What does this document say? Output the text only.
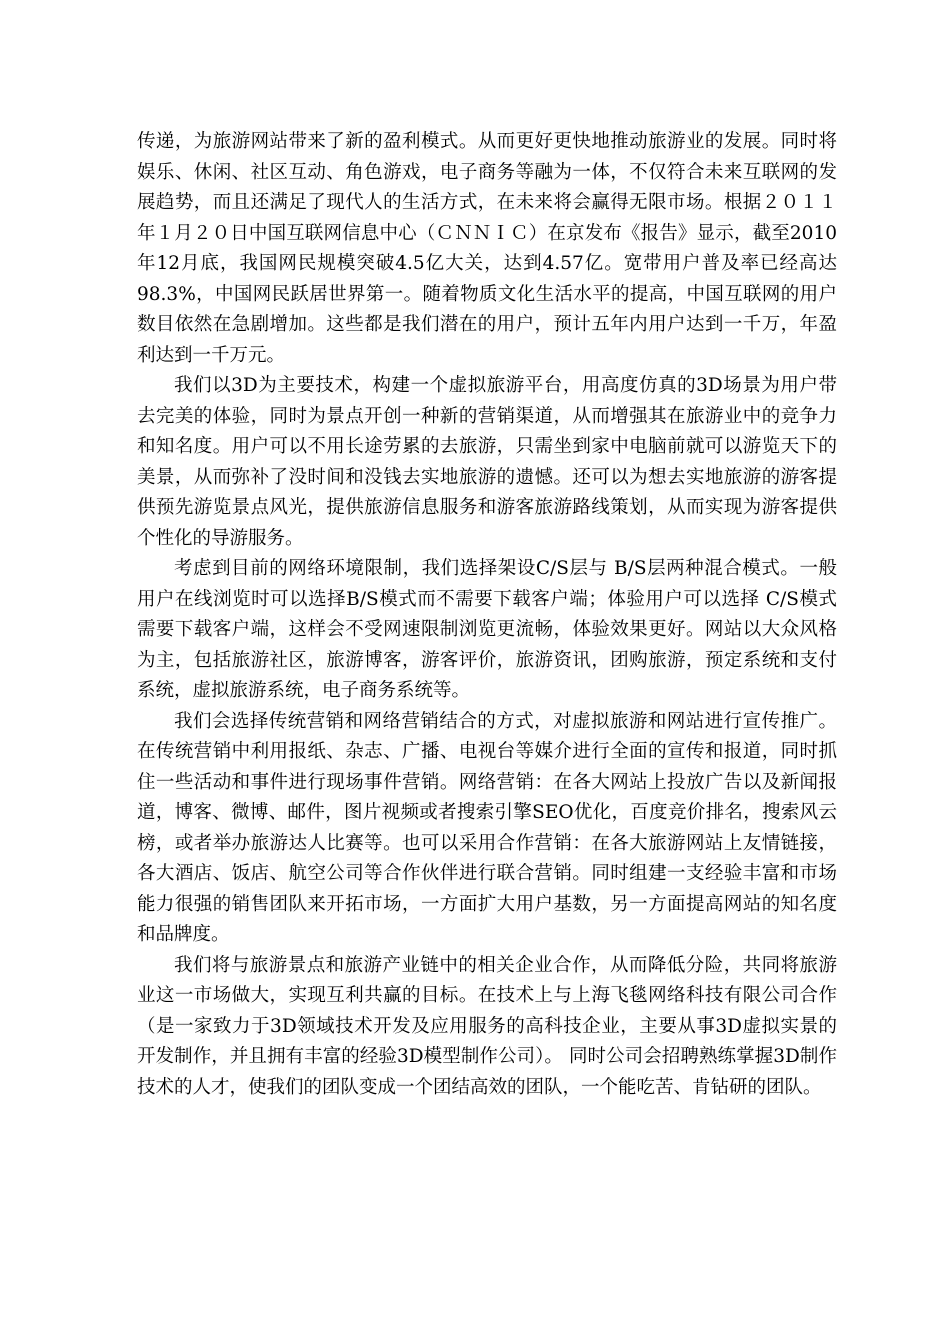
传递，为旅游网站带来了新的盈利模式。从而更好更快地推动旅游业的发展。同时将娱乐、休闲、社区互动、角色游戏，电子商务等融为一体，不仅符合未来互联网的发展趋势，而且还满足了现代人的生活方式，在未来将会赢得无限市场。根据２０１１年１月２０日中国互联网信息中心（ＣＮＮＩＣ）在京发布《报告》显示，截至2010年12月底，我国网民规模突破4.5亿大关，达到4.57亿。宽带用户普及率已经高达98.3%，中国网民跃居世界第一。随着物质文化生活水平的提高，中国互联网的用户数目依然在急剧增加。这些都是我们潜在的用户，预计五年内用户达到一千万，年盈利达到一千万元。

我们以3D为主要技术，构建一个虚拟旅游平台，用高度仿真的3D场景为用户带去完美的体验，同时为景点开创一种新的营销渠道，从而增强其在旅游业中的竞争力和知名度。用户可以不用长途劳累的去旅游，只需坐到家中电脑前就可以游览天下的美景，从而弥补了没时间和没钱去实地旅游的遗憾。还可以为想去实地旅游的游客提供预先游览景点风光，提供旅游信息服务和游客旅游路线策划，从而实现为游客提供个性化的导游服务。

考虑到目前的网络环境限制，我们选择架设C/S层与 B/S层两种混合模式。一般用户在线浏览时可以选择B/S模式而不需要下载客户端；体验用户可以选择 C/S模式需要下载客户端，这样会不受网速限制浏览更流畅，体验效果更好。网站以大众风格为主，包括旅游社区，旅游博客，游客评价，旅游资讯，团购旅游，预定系统和支付系统，虚拟旅游系统，电子商务系统等。

我们会选择传统营销和网络营销结合的方式，对虚拟旅游和网站进行宣传推广。在传统营销中利用报纸、杂志、广播、电视台等媒介进行全面的宣传和报道，同时抓住一些活动和事件进行现场事件营销。网络营销：在各大网站上投放广告以及新闻报道，博客、微博、邮件，图片视频或者搜索引擎SEO优化，百度竞价排名，搜索风云榜，或者举办旅游达人比赛等。也可以采用合作营销：在各大旅游网站上友情链接，各大酒店、饭店、航空公司等合作伙伴进行联合营销。同时组建一支经验丰富和市场能力很强的销售团队来开拓市场，一方面扩大用户基数，另一方面提高网站的知名度和品牌度。

我们将与旅游景点和旅游产业链中的相关企业合作，从而降低分险，共同将旅游业这一市场做大，实现互利共赢的目标。在技术上与上海飞毯网络科技有限公司合作（是一家致力于3D领域技术开发及应用服务的高科技企业，主要从事3D虚拟实景的开发制作，并且拥有丰富的经验3D模型制作公司）。 同时公司会招聘熟练掌握3D制作技术的人才，使我们的团队变成一个团结高效的团队，一个能吃苦、肯钻研的团队。
